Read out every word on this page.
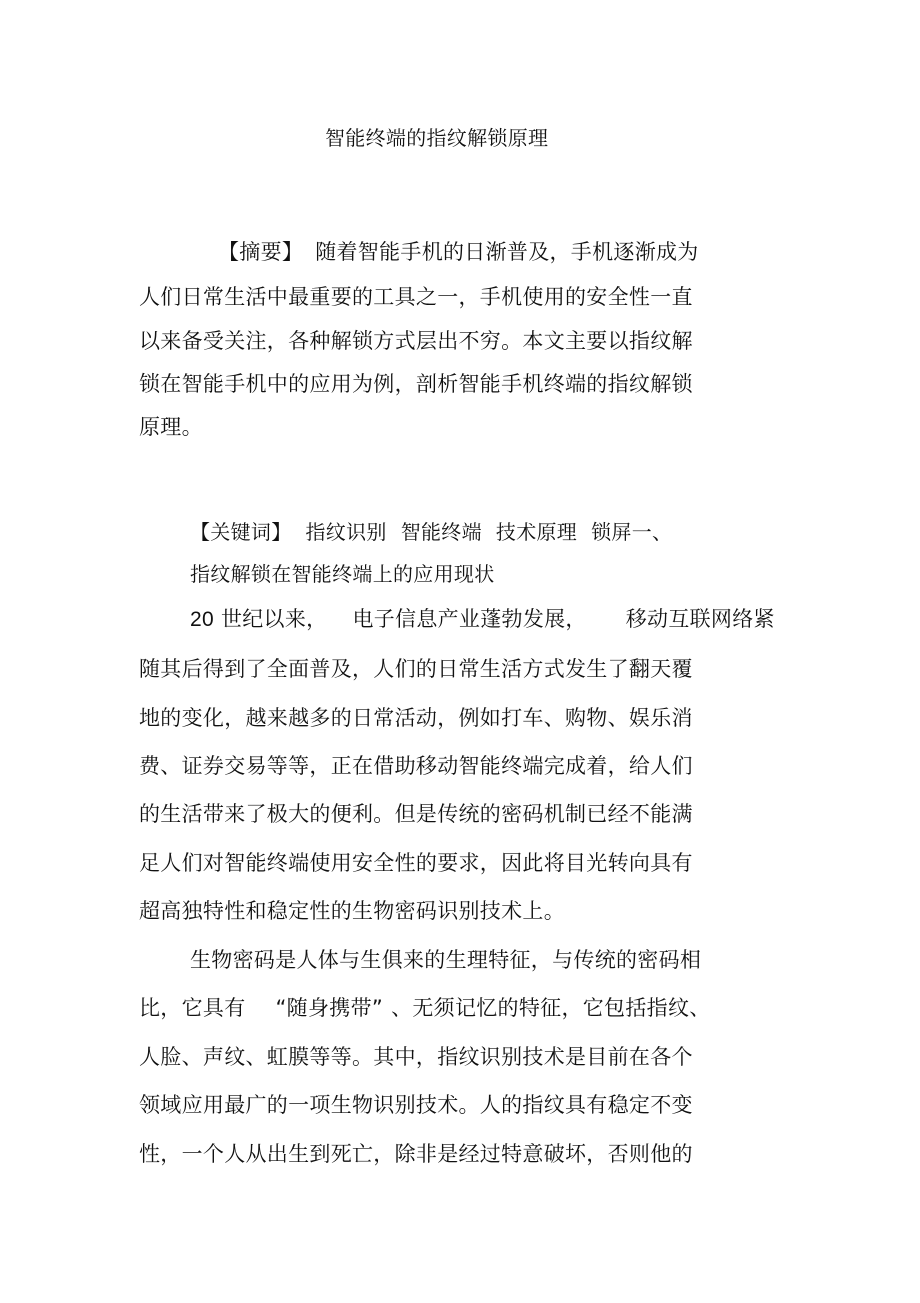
智能终端的指纹解锁原理
【摘要】 随着智能手机的日渐普及，手机逐渐成为
人们日常生活中最重要的工具之一，手机使用的安全性一直
以来备受关注，各种解锁方式层出不穷。本文主要以指纹解
锁在智能手机中的应用为例，剖析智能手机终端的指纹解锁
原理。
【关键词】 指纹识别 智能终端 技术原理 锁屏一、
指纹解锁在智能终端上的应用现状
20 世纪以来， 电子信息产业蓬勃发展， 移动互联网络紧
随其后得到了全面普及，人们的日常生活方式发生了翻天覆
地的变化，越来越多的日常活动，例如打车、购物、娱乐消
费、证券交易等等，正在借助移动智能终端完成着，给人们
的生活带来了极大的便利。但是传统的密码机制已经不能满
足人们对智能终端使用安全性的要求，因此将目光转向具有
超高独特性和稳定性的生物密码识别技术上。
生物密码是人体与生俱来的生理特征，与传统的密码相
比，它具有 “随身携带” 、无须记忆的特征，它包括指纹、
人脸、声纹、虹膜等等。其中，指纹识别技术是目前在各个
领域应用最广的一项生物识别技术。人的指纹具有稳定不变
性，一个人从出生到死亡，除非是经过特意破坏，否则他的
